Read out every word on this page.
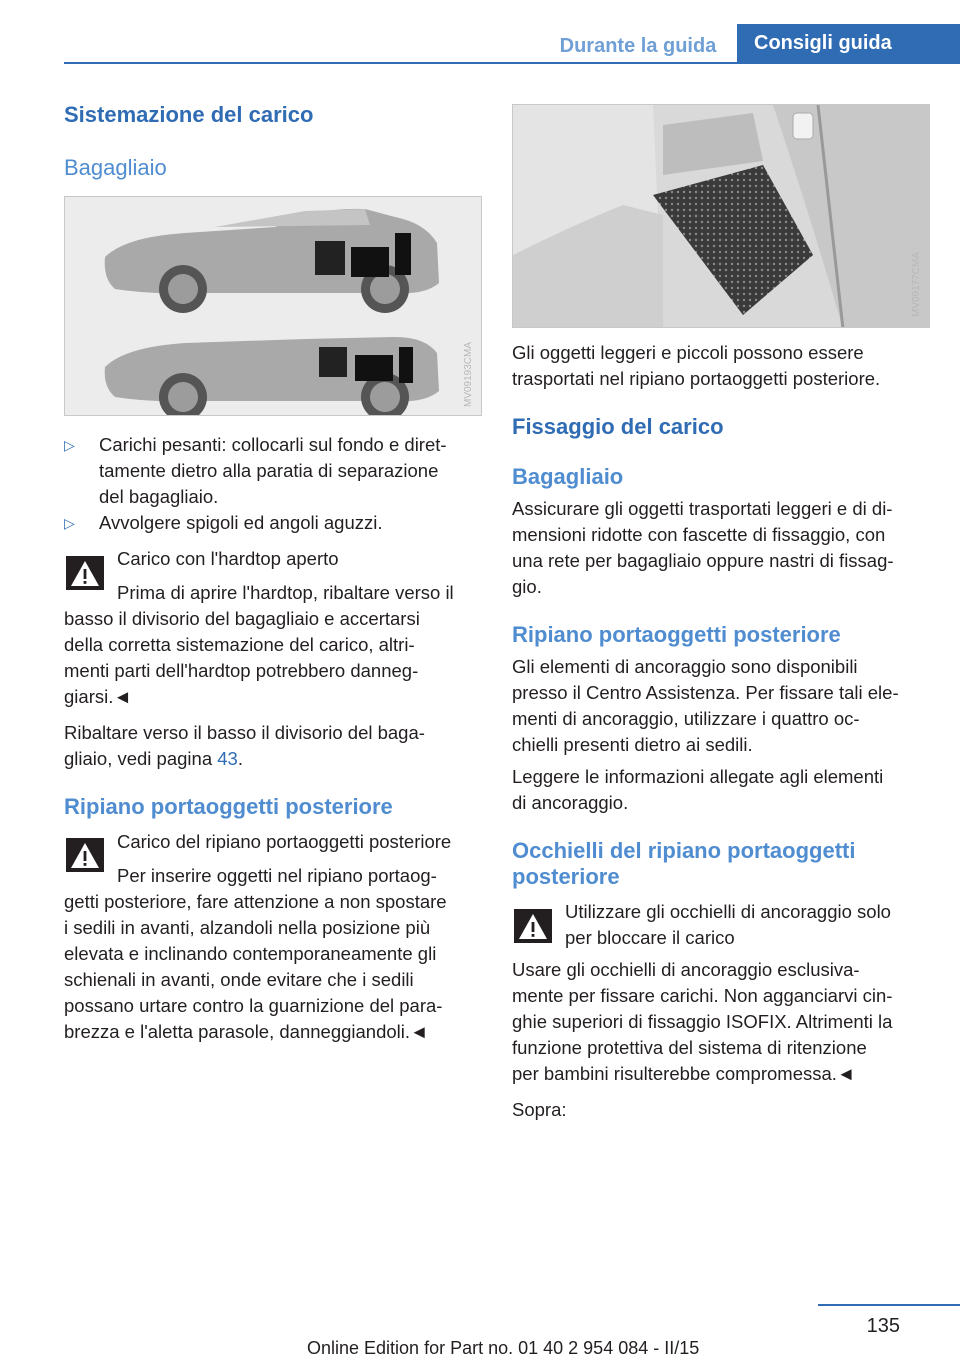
Durante la guida	Consigli guida
Sistemazione del carico
Bagagliaio
MV09193CMA
▷ Carichi pesanti: collocarli sul fondo e diret-
tamente dietro alla paratia di separazione
del bagagliaio.
▷ Avvolgere spigoli ed angoli aguzzi.
Carico con l'hardtop aperto
Prima di aprire l'hardtop, ribaltare verso il
basso il divisorio del bagagliaio e accertarsi
della corretta sistemazione del carico, altri-
menti parti dell'hardtop potrebbero danneg-
giarsi.◄
Ribaltare verso il basso il divisorio del baga-
gliaio, vedi pagina 43.
Ripiano portaoggetti posteriore
Carico del ripiano portaoggetti posteriore
Per inserire oggetti nel ripiano portaog-
getti posteriore, fare attenzione a non spostare
i sedili in avanti, alzandoli nella posizione più
elevata e inclinando contemporaneamente gli
schienali in avanti, onde evitare che i sedili
possano urtare contro la guarnizione del para-
brezza e l'aletta parasole, danneggiandoli.◄
MV09177CMA
Gli oggetti leggeri e piccoli possono essere
trasportati nel ripiano portaoggetti posteriore.
Fissaggio del carico
Bagagliaio
Assicurare gli oggetti trasportati leggeri e di di-
mensioni ridotte con fascette di fissaggio, con
una rete per bagagliaio oppure nastri di fissag-
gio.
Ripiano portaoggetti posteriore
Gli elementi di ancoraggio sono disponibili
presso il Centro Assistenza. Per fissare tali ele-
menti di ancoraggio, utilizzare i quattro oc-
chielli presenti dietro ai sedili.
Leggere le informazioni allegate agli elementi
di ancoraggio.
Occhielli del ripiano portaoggetti
posteriore
Utilizzare gli occhielli di ancoraggio solo
per bloccare il carico
Usare gli occhielli di ancoraggio esclusiva-
mente per fissare carichi. Non agganciarvi cin-
ghie superiori di fissaggio ISOFIX. Altrimenti la
funzione protettiva del sistema di ritenzione
per bambini risulterebbe compromessa.◄
Sopra:
135
Online Edition for Part no. 01 40 2 954 084 - II/15
